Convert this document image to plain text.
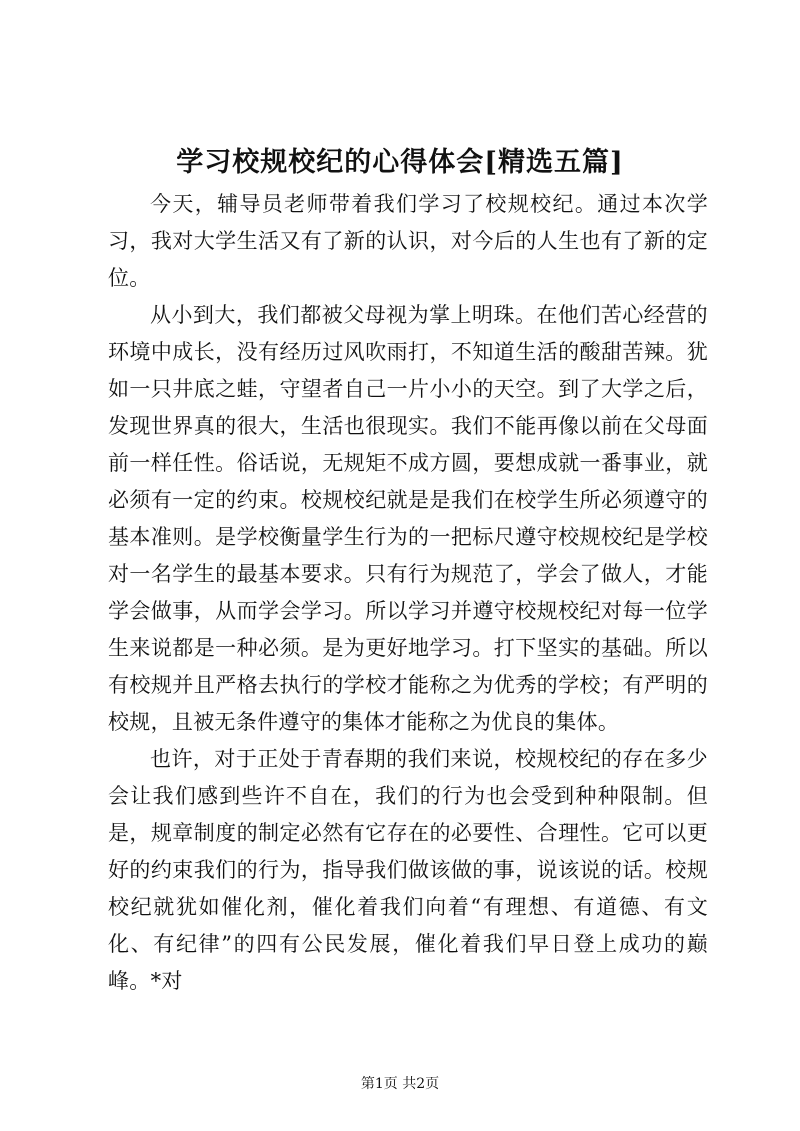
学习校规校纪的心得体会[精选五篇]

今天，辅导员老师带着我们学习了校规校纪。通过本次学习，我对大学生活又有了新的认识，对今后的人生也有了新的定位。

从小到大，我们都被父母视为掌上明珠。在他们苦心经营的环境中成长，没有经历过风吹雨打，不知道生活的酸甜苦辣。犹如一只井底之蛙，守望者自己一片小小的天空。到了大学之后，发现世界真的很大，生活也很现实。我们不能再像以前在父母面前一样任性。俗话说，无规矩不成方圆，要想成就一番事业，就必须有一定的约束。校规校纪就是是我们在校学生所必须遵守的基本准则。是学校衡量学生行为的一把标尺遵守校规校纪是学校对一名学生的最基本要求。只有行为规范了，学会了做人，才能学会做事，从而学会学习。所以学习并遵守校规校纪对每一位学生来说都是一种必须。是为更好地学习。打下坚实的基础。所以有校规并且严格去执行的学校才能称之为优秀的学校；有严明的校规，且被无条件遵守的集体才能称之为优良的集体。

也许，对于正处于青春期的我们来说，校规校纪的存在多少会让我们感到些许不自在，我们的行为也会受到种种限制。但是，规章制度的制定必然有它存在的必要性、合理性。它可以更好的约束我们的行为，指导我们做该做的事，说该说的话。校规校纪就犹如催化剂，催化着我们向着“有理想、有道德、有文化、有纪律”的四有公民发展，催化着我们早日登上成功的巅峰。*对

第1页 共2页
